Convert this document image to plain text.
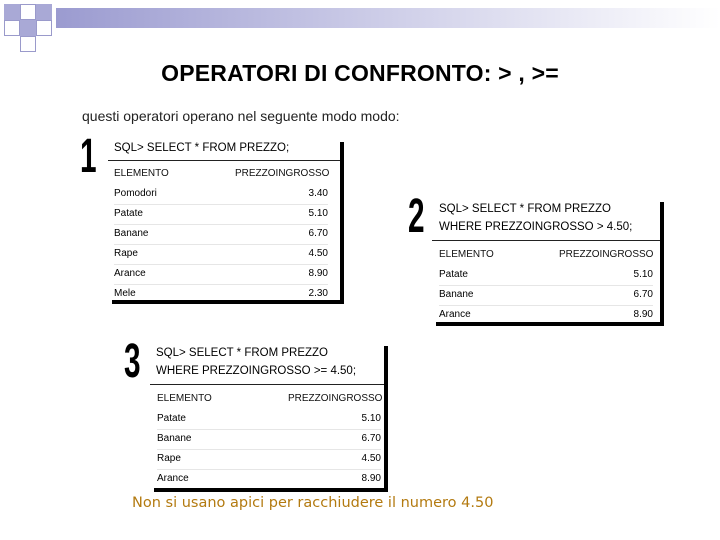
OPERATORI DI CONFRONTO: > , >=
questi operatori operano nel seguente modo modo:
1 SQL> SELECT * FROM PREZZO;
ELEMENTO	PREZZOINGROSSO
Pomodori	3.40
Patate	5.10
Banane	6.70
Rape	4.50
Arance	8.90
Mele	2.30
2 SQL> SELECT * FROM PREZZO
WHERE PREZZOINGROSSO > 4.50;
ELEMENTO	PREZZOINGROSSO
Patate	5.10
Banane	6.70
Arance	8.90
3 SQL> SELECT * FROM PREZZO
WHERE PREZZOINGROSSO >= 4.50;
ELEMENTO	PREZZOINGROSSO
Patate	5.10
Banane	6.70
Rape	4.50
Arance	8.90
Non si usano apici per racchiudere il numero 4.50
